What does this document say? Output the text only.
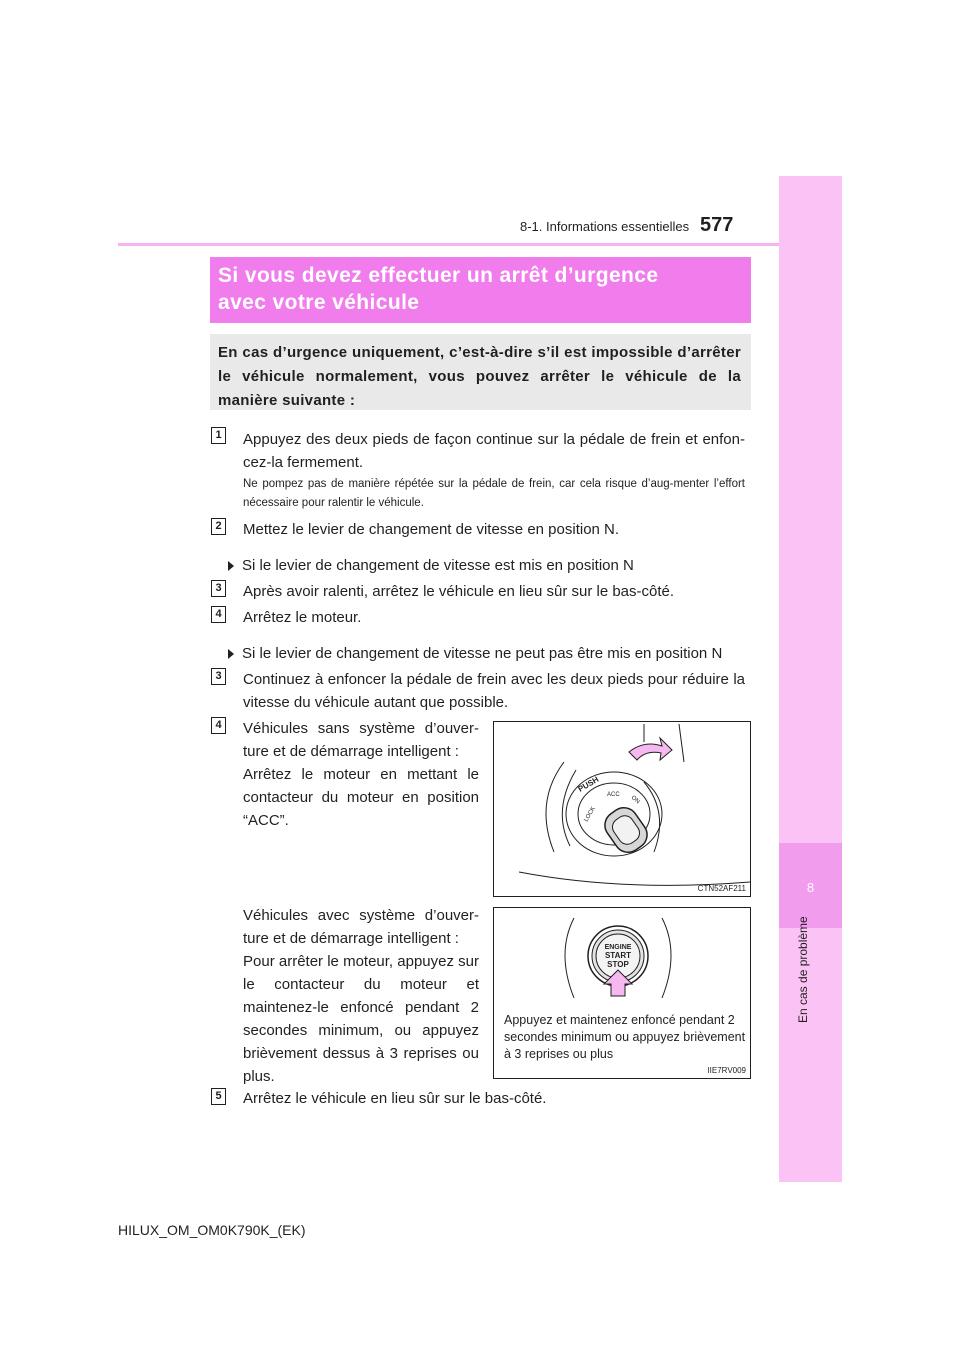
8
En cas de problème
8-1. Informations essentielles 577
Si vous devez effectuer un arrêt d’urgence
avec votre véhicule
En cas d’urgence uniquement, c’est-à-dire s’il est impossible d’arrêter le véhicule normalement, vous pouvez arrêter le véhicule de la manière suivante :
1 Appuyez des deux pieds de façon continue sur la pédale de frein et enfon-cez-la fermement.
Ne pompez pas de manière répétée sur la pédale de frein, car cela risque d’aug-menter l’effort nécessaire pour ralentir le véhicule.
2 Mettez le levier de changement de vitesse en position N.
Si le levier de changement de vitesse est mis en position N
3 Après avoir ralenti, arrêtez le véhicule en lieu sûr sur le bas-côté.
4 Arrêtez le moteur.
Si le levier de changement de vitesse ne peut pas être mis en position N
3 Continuez à enfoncer la pédale de frein avec les deux pieds pour réduire la vitesse du véhicule autant que possible.
4 Véhicules sans système d’ouver-ture et de démarrage intelligent :
Arrêtez le moteur en mettant le contacteur du moteur en position “ACC”.
Véhicules avec système d’ouver-ture et de démarrage intelligent :
Pour arrêter le moteur, appuyez sur le contacteur du moteur et maintenez-le enfoncé pendant 2 secondes minimum, ou appuyez brièvement dessus à 3 reprises ou plus.
5 Arrêtez le véhicule en lieu sûr sur le bas-côté.
PUSH
LOCK
ACC ON
CTN52AF211
ENGINE
START
STOP
Appuyez et maintenez enfoncé pendant 2 secondes minimum ou appuyez brièvement à 3 reprises ou plus
IIE7RV009
HILUX_OM_OM0K790K_(EK)
